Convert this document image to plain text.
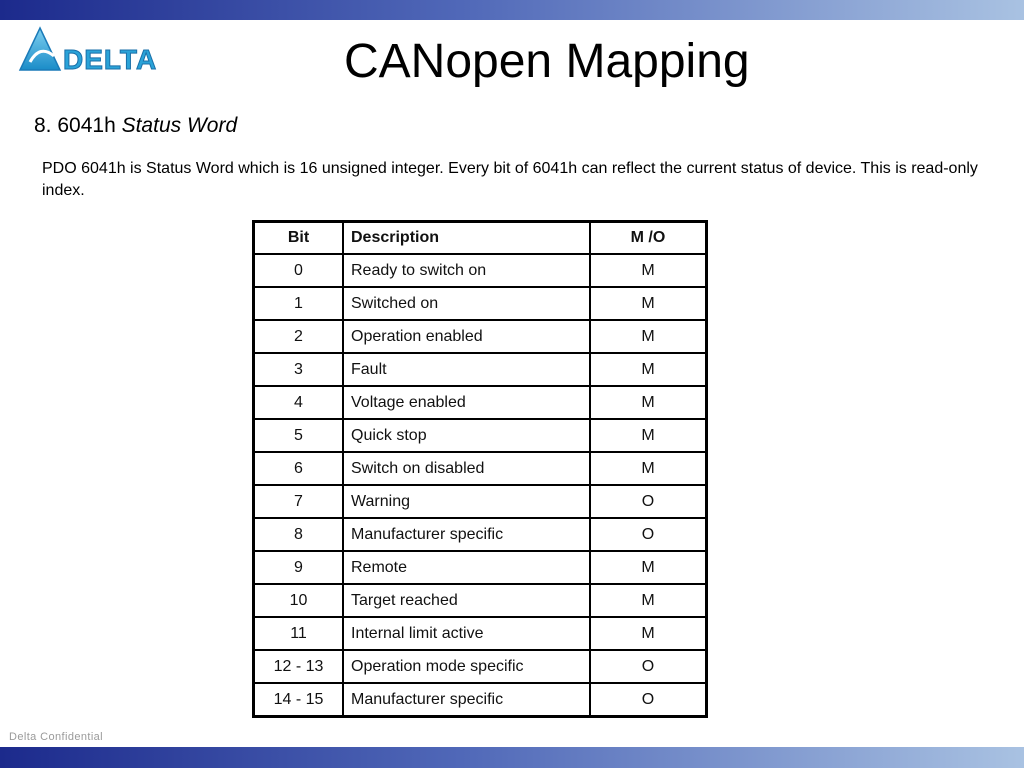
DELTA	CANopen Mapping
8. 6041h Status Word
PDO 6041h is Status Word which is 16 unsigned integer. Every bit of 6041h can reflect the current status of device. This is read-only index.
Bit	Description	M /O
0	Ready to switch on	M
1	Switched on	M
2	Operation enabled	M
3	Fault	M
4	Voltage enabled	M
5	Quick stop	M
6	Switch on disabled	M
7	Warning	O
8	Manufacturer specific	O
9	Remote	M
10	Target reached	M
11	Internal limit active	M
12 - 13	Operation mode specific	O
14 - 15	Manufacturer specific	O
Delta Confidential
